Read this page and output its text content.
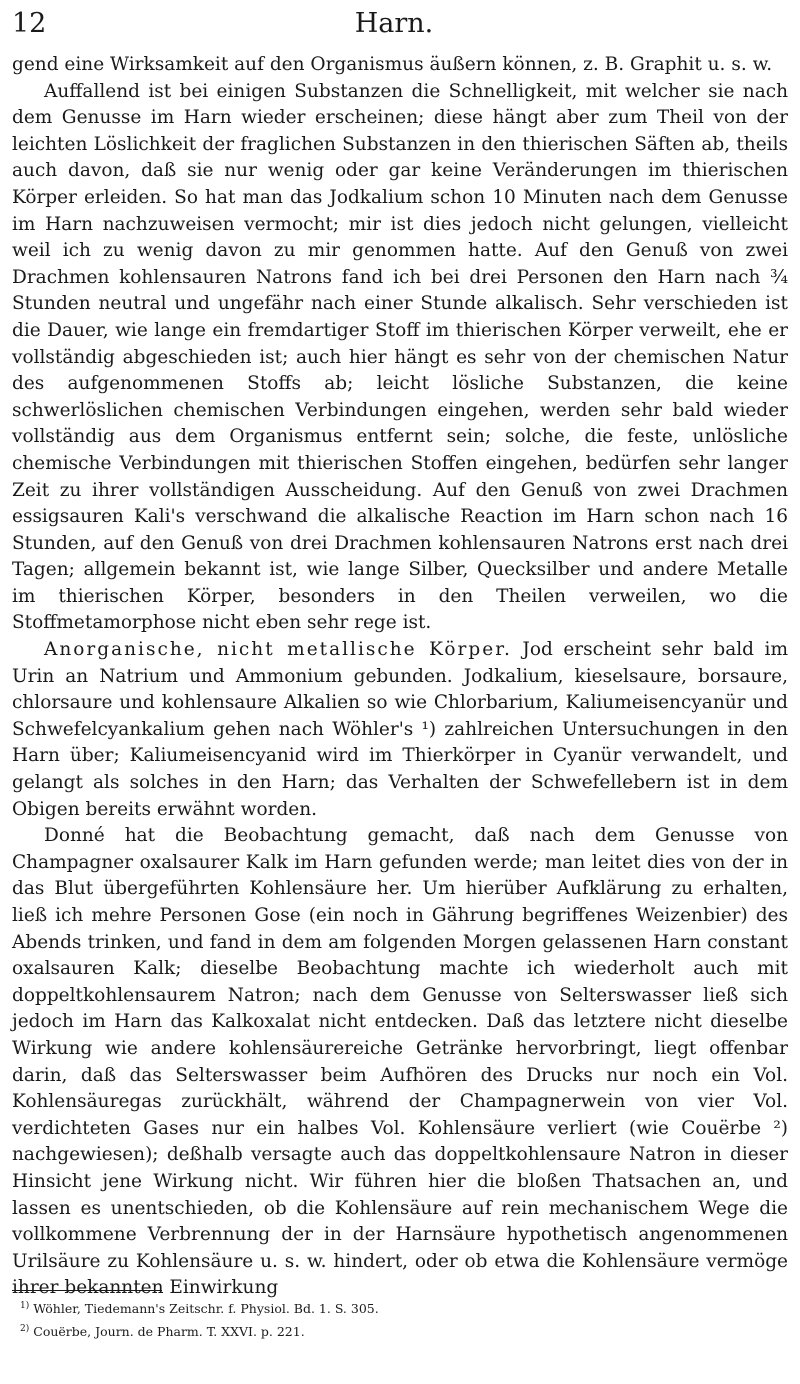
12	Harn.

gend eine Wirksamkeit auf den Organismus äußern können, z. B. Graphit u. s. w.

Auffallend ist bei einigen Substanzen die Schnelligkeit, mit welcher sie nach dem Genusse im Harn wieder erscheinen; diese hängt aber zum Theil von der leichten Löslichkeit der fraglichen Substanzen in den thierischen Säften ab, theils auch davon, daß sie nur wenig oder gar keine Veränderungen im thierischen Körper erleiden. So hat man das Jodkalium schon 10 Minuten nach dem Genusse im Harn nachzuweisen vermocht; mir ist dies jedoch nicht gelungen, vielleicht weil ich zu wenig davon zu mir genommen hatte. Auf den Genuß von zwei Drachmen kohlensauren Natrons fand ich bei drei Personen den Harn nach ¾ Stunden neutral und ungefähr nach einer Stunde alkalisch. Sehr verschieden ist die Dauer, wie lange ein fremdartiger Stoff im thierischen Körper verweilt, ehe er vollständig abgeschieden ist; auch hier hängt es sehr von der chemischen Natur des aufgenommenen Stoffs ab; leicht lösliche Substanzen, die keine schwerlöslichen chemischen Verbindungen eingehen, werden sehr bald wieder vollständig aus dem Organismus entfernt sein; solche, die feste, unlösliche chemische Verbindungen mit thierischen Stoffen eingehen, bedürfen sehr langer Zeit zu ihrer vollständigen Ausscheidung. Auf den Genuß von zwei Drachmen essigsauren Kali's verschwand die alkalische Reaction im Harn schon nach 16 Stunden, auf den Genuß von drei Drachmen kohlensauren Natrons erst nach drei Tagen; allgemein bekannt ist, wie lange Silber, Quecksilber und andere Metalle im thierischen Körper, besonders in den Theilen verweilen, wo die Stoffmetamorphose nicht eben sehr rege ist.

Anorganische, nicht metallische Körper. Jod erscheint sehr bald im Urin an Natrium und Ammonium gebunden. Jodkalium, kieselsaure, borsaure, chlorsaure und kohlensaure Alkalien so wie Chlorbarium, Kaliumeisencyanür und Schwefelcyankalium gehen nach Wöhler's ¹) zahlreichen Untersuchungen in den Harn über; Kaliumeisencyanid wird im Thierkörper in Cyanür verwandelt, und gelangt als solches in den Harn; das Verhalten der Schwefellebern ist in dem Obigen bereits erwähnt worden.

Donné hat die Beobachtung gemacht, daß nach dem Genusse von Champagner oxalsaurer Kalk im Harn gefunden werde; man leitet dies von der in das Blut übergeführten Kohlensäure her. Um hierüber Aufklärung zu erhalten, ließ ich mehre Personen Gose (ein noch in Gährung begriffenes Weizenbier) des Abends trinken, und fand in dem am folgenden Morgen gelassenen Harn constant oxalsauren Kalk; dieselbe Beobachtung machte ich wiederholt auch mit doppeltkohlensaurem Natron; nach dem Genusse von Selterswasser ließ sich jedoch im Harn das Kalkoxalat nicht entdecken. Daß das letztere nicht dieselbe Wirkung wie andere kohlensäurereiche Getränke hervorbringt, liegt offenbar darin, daß das Selterswasser beim Aufhören des Drucks nur noch ein Vol. Kohlensäuregas zurückhält, während der Champagnerwein von vier Vol. verdichteten Gases nur ein halbes Vol. Kohlensäure verliert (wie Couërbe ²) nachgewiesen); deßhalb versagte auch das doppeltkohlensaure Natron in dieser Hinsicht jene Wirkung nicht. Wir führen hier die bloßen Thatsachen an, und lassen es unentschieden, ob die Kohlensäure auf rein mechanischem Wege die vollkommene Verbrennung der in der Harnsäure hypothetisch angenommenen Urilsäure zu Kohlensäure u. s. w. hindert, oder ob etwa die Kohlensäure vermöge ihrer bekannten Einwirkung

$^{1)}$ Wöhler, Tiedemann's Zeitschr. f. Physiol. Bd. 1. S. 305.
$^{2)}$ Couërbe, Journ. de Pharm. T. XXVI. p. 221.
